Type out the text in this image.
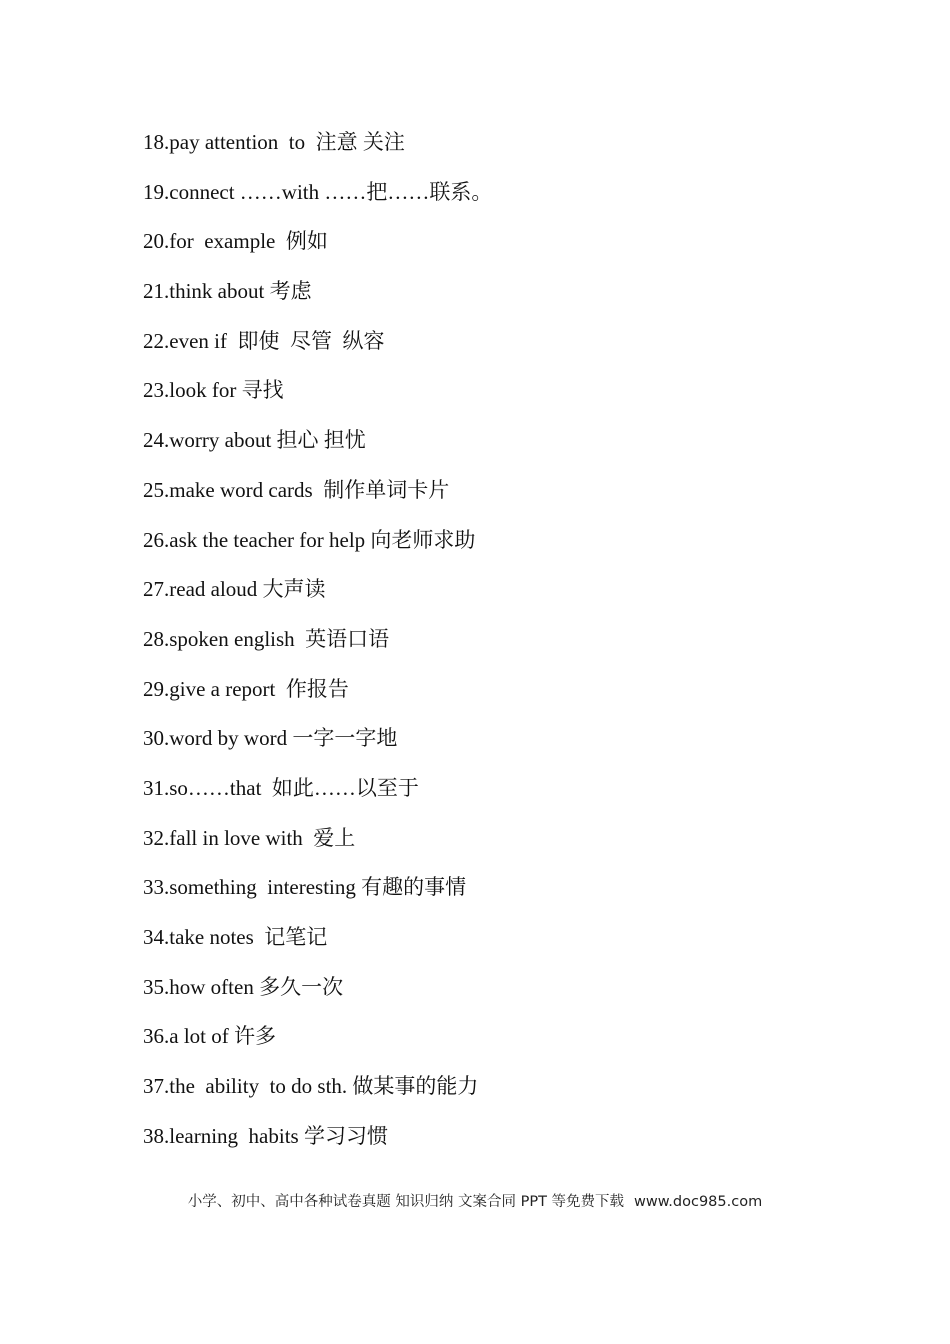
18.pay attention  to  注意 关注
19.connect ……with ……把……联系。
20.for  example  例如
21.think about 考虑
22.even if  即使  尽管  纵容
23.look for 寻找
24.worry about 担心 担忧
25.make word cards  制作单词卡片
26.ask the teacher for help 向老师求助
27.read aloud 大声读
28.spoken english  英语口语
29.give a report  作报告
30.word by word 一字一字地
31.so……that  如此……以至于
32.fall in love with  爱上
33.something  interesting 有趣的事情
34.take notes  记笔记
35.how often 多久一次
36.a lot of 许多
37.the  ability  to do sth. 做某事的能力
38.learning  habits 学习习惯
小学、初中、高中各种试卷真题 知识归纳 文案合同 PPT 等免费下载 www.doc985.com
